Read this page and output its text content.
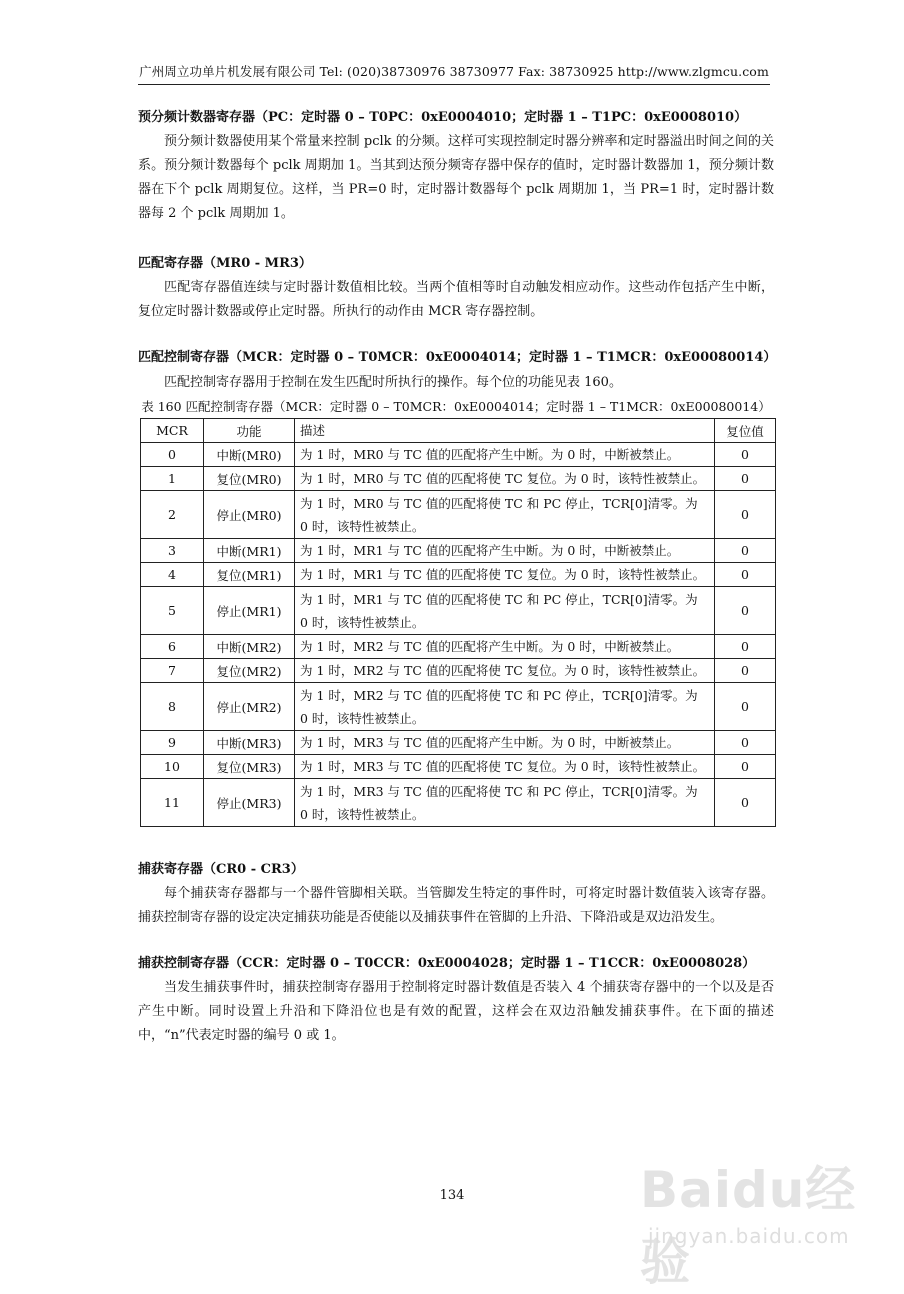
广州周立功单片机发展有限公司 Tel: (020)38730976 38730977 Fax: 38730925 http://www.zlgmcu.com

预分频计数器寄存器（PC：定时器 0 – T0PC：0xE0004010；定时器 1 – T1PC：0xE0008010）

预分频计数器使用某个常量来控制 pclk 的分频。这样可实现控制定时器分辨率和定时器溢出时间之间的关系。预分频计数器每个 pclk 周期加 1。当其到达预分频寄存器中保存的值时，定时器计数器加 1，预分频计数器在下个 pclk 周期复位。这样，当 PR=0 时，定时器计数器每个 pclk 周期加 1，当 PR=1 时，定时器计数器每 2 个 pclk 周期加 1。

匹配寄存器（MR0 - MR3）

匹配寄存器值连续与定时器计数值相比较。当两个值相等时自动触发相应动作。这些动作包括产生中断，复位定时器计数器或停止定时器。所执行的动作由 MCR 寄存器控制。

匹配控制寄存器（MCR：定时器 0 – T0MCR：0xE0004014；定时器 1 – T1MCR：0xE00080014）

匹配控制寄存器用于控制在发生匹配时所执行的操作。每个位的功能见表 160。

表 160 匹配控制寄存器（MCR：定时器 0 – T0MCR：0xE0004014；定时器 1 – T1MCR：0xE00080014）

MCR	功能	描述	复位值
0	中断(MR0)	为 1 时，MR0 与 TC 值的匹配将产生中断。为 0 时，中断被禁止。	0
1	复位(MR0)	为 1 时，MR0 与 TC 值的匹配将使 TC 复位。为 0 时，该特性被禁止。	0
2	停止(MR0)	为 1 时，MR0 与 TC 值的匹配将使 TC 和 PC 停止，TCR[0]清零。为 0 时，该特性被禁止。	0
3	中断(MR1)	为 1 时，MR1 与 TC 值的匹配将产生中断。为 0 时，中断被禁止。	0
4	复位(MR1)	为 1 时，MR1 与 TC 值的匹配将使 TC 复位。为 0 时，该特性被禁止。	0
5	停止(MR1)	为 1 时，MR1 与 TC 值的匹配将使 TC 和 PC 停止，TCR[0]清零。为 0 时，该特性被禁止。	0
6	中断(MR2)	为 1 时，MR2 与 TC 值的匹配将产生中断。为 0 时，中断被禁止。	0
7	复位(MR2)	为 1 时，MR2 与 TC 值的匹配将使 TC 复位。为 0 时，该特性被禁止。	0
8	停止(MR2)	为 1 时，MR2 与 TC 值的匹配将使 TC 和 PC 停止，TCR[0]清零。为 0 时，该特性被禁止。	0
9	中断(MR3)	为 1 时，MR3 与 TC 值的匹配将产生中断。为 0 时，中断被禁止。	0
10	复位(MR3)	为 1 时，MR3 与 TC 值的匹配将使 TC 复位。为 0 时，该特性被禁止。	0
11	停止(MR3)	为 1 时，MR3 与 TC 值的匹配将使 TC 和 PC 停止，TCR[0]清零。为 0 时，该特性被禁止。	0

捕获寄存器（CR0 - CR3）

每个捕获寄存器都与一个器件管脚相关联。当管脚发生特定的事件时，可将定时器计数值装入该寄存器。捕获控制寄存器的设定决定捕获功能是否使能以及捕获事件在管脚的上升沿、下降沿或是双边沿发生。

捕获控制寄存器（CCR：定时器 0 – T0CCR：0xE0004028；定时器 1 – T1CCR：0xE0008028）

当发生捕获事件时，捕获控制寄存器用于控制将定时器计数值是否装入 4 个捕获寄存器中的一个以及是否产生中断。同时设置上升沿和下降沿位也是有效的配置，这样会在双边沿触发捕获事件。在下面的描述中，“n”代表定时器的编号 0 或 1。

134	Baidu经验
jingyan.baidu.com
